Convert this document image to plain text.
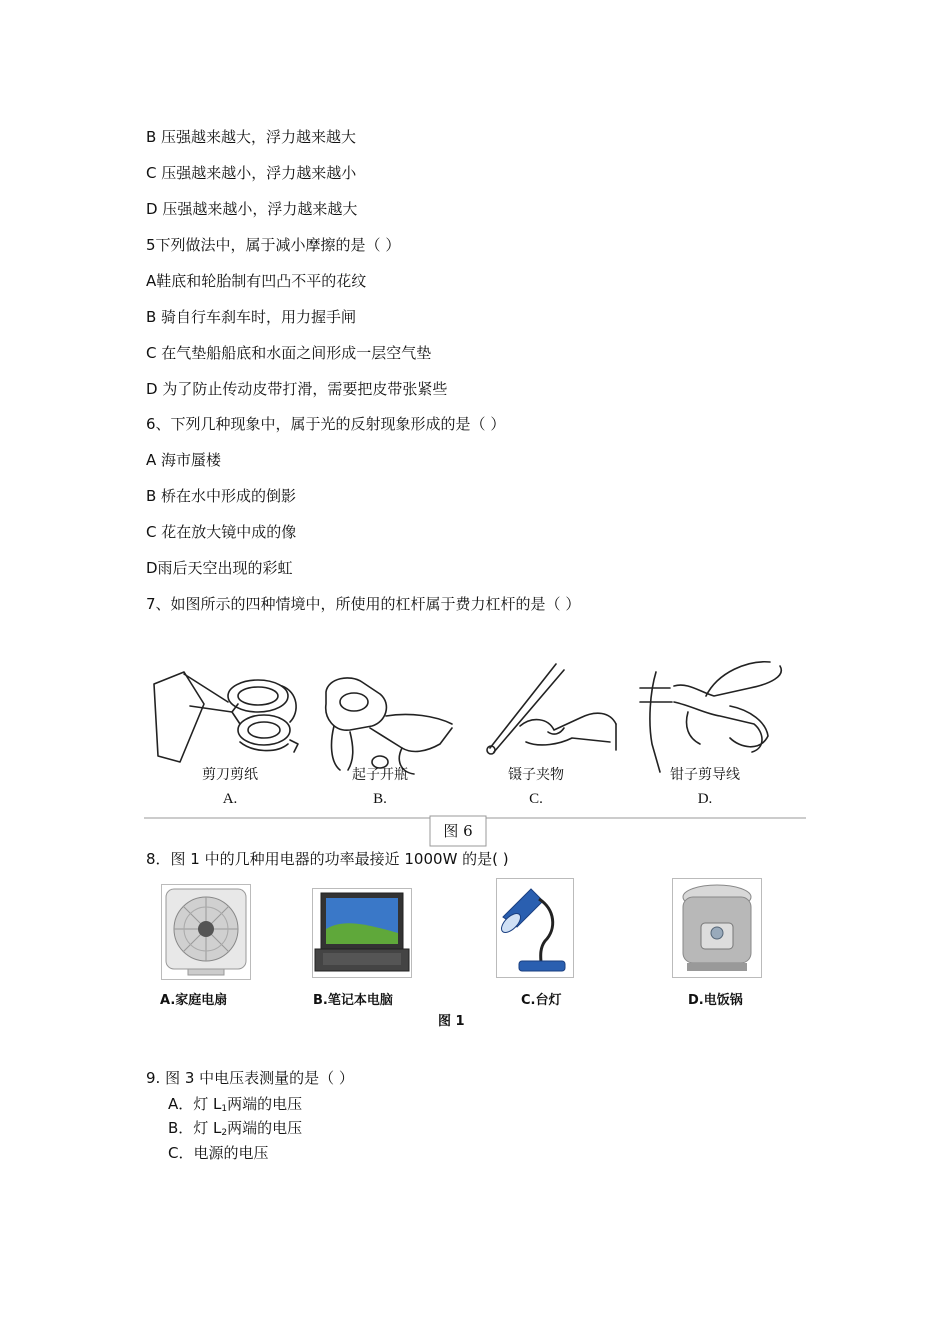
B 压强越来越大，浮力越来越大
C 压强越来越小，浮力越来越小
D 压强越来越小，浮力越来越大
5下列做法中，属于减小摩擦的是（ ）
A鞋底和轮胎制有凹凸不平的花纹
B 骑自行车刹车时，用力握手闸
C 在气垫船船底和水面之间形成一层空气垫
D 为了防止传动皮带打滑，需要把皮带张紧些
6、下列几种现象中，属于光的反射现象形成的是（ ）
A 海市蜃楼
B 桥在水中形成的倒影
C 花在放大镜中成的像
D雨后天空出现的彩虹
7、如图所示的四种情境中，所使用的杠杆属于费力杠杆的是（ ）
剪刀剪纸
A.
起子开瓶
B.
镊子夹物
C.
钳子剪导线
D.
图 6
8．图 1 中的几种用电器的功率最接近 1000W 的是( )
A.家庭电扇	B.笔记本电脑	C.台灯	D.电饭锅
图 1
9. 图 3 中电压表测量的是（ ）
A．灯 $L_1$两端的电压
B．灯 $L_2$两端的电压
C．电源的电压
